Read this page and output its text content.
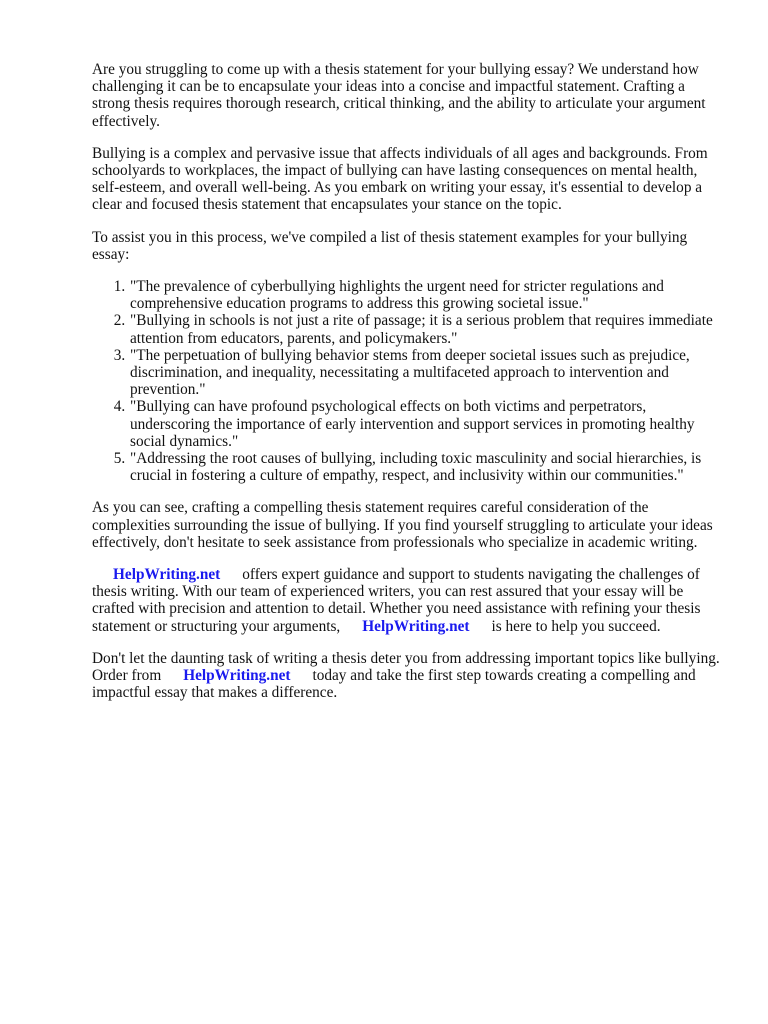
Are you struggling to come up with a thesis statement for your bullying essay? We understand how challenging it can be to encapsulate your ideas into a concise and impactful statement. Crafting a strong thesis requires thorough research, critical thinking, and the ability to articulate your argument effectively.

Bullying is a complex and pervasive issue that affects individuals of all ages and backgrounds. From schoolyards to workplaces, the impact of bullying can have lasting consequences on mental health, self-esteem, and overall well-being. As you embark on writing your essay, it's essential to develop a clear and focused thesis statement that encapsulates your stance on the topic.

To assist you in this process, we've compiled a list of thesis statement examples for your bullying essay:

1. "The prevalence of cyberbullying highlights the urgent need for stricter regulations and comprehensive education programs to address this growing societal issue."
2. "Bullying in schools is not just a rite of passage; it is a serious problem that requires immediate attention from educators, parents, and policymakers."
3. "The perpetuation of bullying behavior stems from deeper societal issues such as prejudice, discrimination, and inequality, necessitating a multifaceted approach to intervention and prevention."
4. "Bullying can have profound psychological effects on both victims and perpetrators, underscoring the importance of early intervention and support services in promoting healthy social dynamics."
5. "Addressing the root causes of bullying, including toxic masculinity and social hierarchies, is crucial in fostering a culture of empathy, respect, and inclusivity within our communities."

As you can see, crafting a compelling thesis statement requires careful consideration of the complexities surrounding the issue of bullying. If you find yourself struggling to articulate your ideas effectively, don't hesitate to seek assistance from professionals who specialize in academic writing.

HelpWriting.net offers expert guidance and support to students navigating the challenges of thesis writing. With our team of experienced writers, you can rest assured that your essay will be crafted with precision and attention to detail. Whether you need assistance with refining your thesis statement or structuring your arguments, HelpWriting.net is here to help you succeed.

Don't let the daunting task of writing a thesis deter you from addressing important topics like bullying. Order from HelpWriting.net today and take the first step towards creating a compelling and impactful essay that makes a difference.
